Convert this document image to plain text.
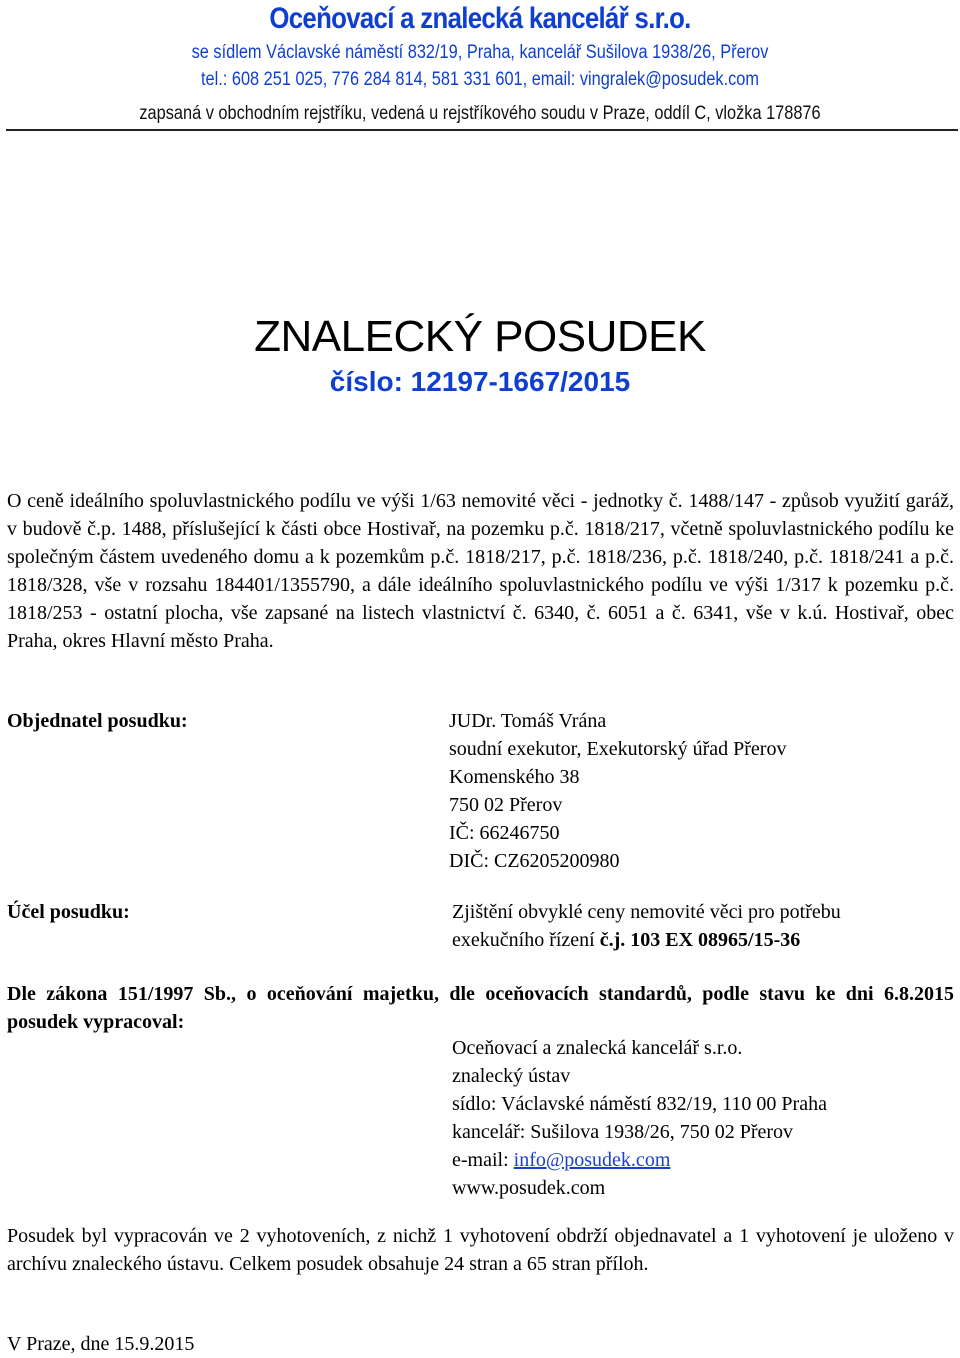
Oceňovací a znalecká kancelář s.r.o.
se sídlem Václavské náměstí 832/19, Praha, kancelář Sušilova 1938/26, Přerov
tel.: 608 251 025, 776 284 814, 581 331 601, email: vingralek@posudek.com
zapsaná v obchodním rejstříku, vedená u rejstříkového soudu v Praze, oddíl C, vložka 178876
ZNALECKÝ POSUDEK
číslo: 12197-1667/2015
O ceně ideálního spoluvlastnického podílu ve výši 1/63 nemovité věci - jednotky č. 1488/147 - způsob využití garáž, v budově č.p. 1488, příslušející k části obce Hostivař, na pozemku p.č. 1818/217, včetně spoluvlastnického podílu ke společným částem uvedeného domu a k pozemkům p.č. 1818/217, p.č. 1818/236, p.č. 1818/240, p.č. 1818/241 a p.č. 1818/328, vše v rozsahu 184401/1355790, a dále ideálního spoluvlastnického podílu ve výši 1/317 k pozemku p.č. 1818/253 - ostatní plocha, vše zapsané na listech vlastnictví č. 6340, č. 6051 a č. 6341, vše v k.ú. Hostivař, obec Praha, okres Hlavní město Praha.
Objednatel posudku:	JUDr. Tomáš Vrána
soudní exekutor, Exekutorský úřad Přerov
Komenského 38
750 02 Přerov
IČ: 66246750
DIČ: CZ6205200980
Účel posudku:	Zjištění obvyklé ceny nemovité věci pro potřebu
exekučního řízení č.j. 103 EX 08965/15-36
Dle zákona 151/1997 Sb., o oceňování majetku, dle oceňovacích standardů, podle stavu ke dni 6.8.2015 posudek vypracoval:
Oceňovací a znalecká kancelář s.r.o.
znalecký ústav
sídlo: Václavské náměstí 832/19, 110 00 Praha
kancelář: Sušilova 1938/26, 750 02 Přerov
e-mail: info@posudek.com
www.posudek.com
Posudek byl vypracován ve 2 vyhotoveních, z nichž 1 vyhotovení obdrží objednavatel a 1 vyhotovení je uloženo v archívu znaleckého ústavu. Celkem posudek obsahuje 24 stran a 65 stran příloh.
V Praze, dne 15.9.2015
